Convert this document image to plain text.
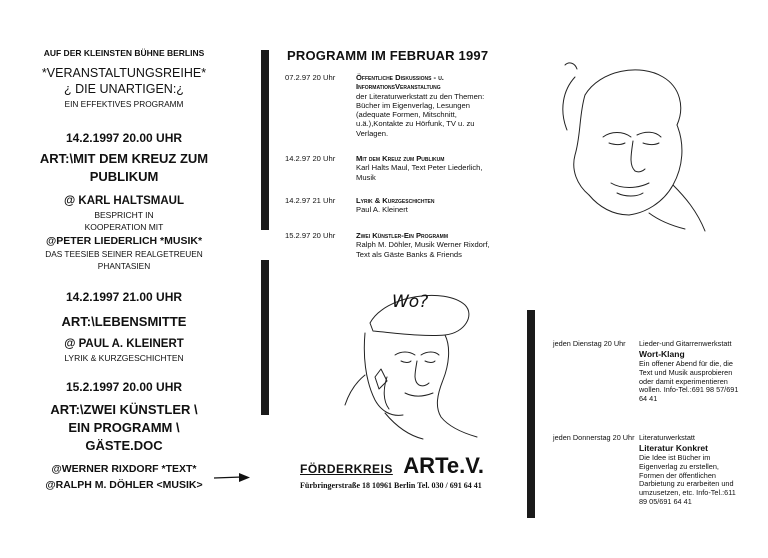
AUF DER KLEINSTEN BÜHNE BERLINS
*VERANSTALTUNGSREIHE*
¿ DIE UNARTIGEN:¿
EIN EFFEKTIVES PROGRAMM
14.2.1997 20.00 UHR
ART:\MIT DEM KREUZ ZUM
PUBLIKUM
@ KARL HALTSMAUL
BESPRICHT IN
KOOPERATION MIT
@PETER LIEDERLICH *MUSIK*
DAS TEESIEB SEINER REALGETREUEN
PHANTASIEN
14.2.1997 21.00 UHR
ART:\LEBENSMITTE
@ PAUL A. KLEINERT
LYRIK & KURZGESCHICHTEN
15.2.1997 20.00 UHR
ART:\ZWEI KÜNSTLER \
EIN PROGRAMM \
GÄSTE.DOC
@WERNER RIXDORF *TEXT*
@RALPH M. DÖHLER <MUSIK>
PROGRAMM IM FEBRUAR 1997
07.2.97 20 Uhr	Öffentliche Diskussions - u. InformationsVeranstaltung
der Literaturwerkstatt zu den Themen: Bücher im Eigenverlag, Lesungen (adequate Formen, Mitschnitt, u.ä.),Kontakte zu Hörfunk, TV u. zu Verlagen.
14.2.97 20 Uhr	Mit dem Kreuz zum Publikum
Karl Halts Maul, Text Peter Liederlich, Musik
14.2.97 21 Uhr	Lyrik & Kurzgeschichten
Paul A. Kleinert
15.2.97 20 Uhr	Zwei Künstler-Ein Programm
Ralph M. Döhler, Musik Werner Rixdorf, Text als Gäste Banks & Friends
Wo?
FÖRDERKREIS ARTe.V.
Fürbringerstraße 18 10961 Berlin Tel. 030 / 691 64 41
jeden Dienstag 20 Uhr Lieder-und Gitarrenwerkstatt
Wort-Klang
Ein offener Abend für die, die Text und Musik ausprobieren oder damit experimentieren wollen. Info-Tel.:691 98 57/691 64 41
jeden Donnerstag 20 Uhr Literaturwerkstatt
Literatur Konkret
Die Idee ist Bücher im Eigenverlag zu erstellen, Formen der öffentlichen Darbietung zu erarbeiten und umzusetzen, etc. Info-Tel.:611 89 05/691 64 41
